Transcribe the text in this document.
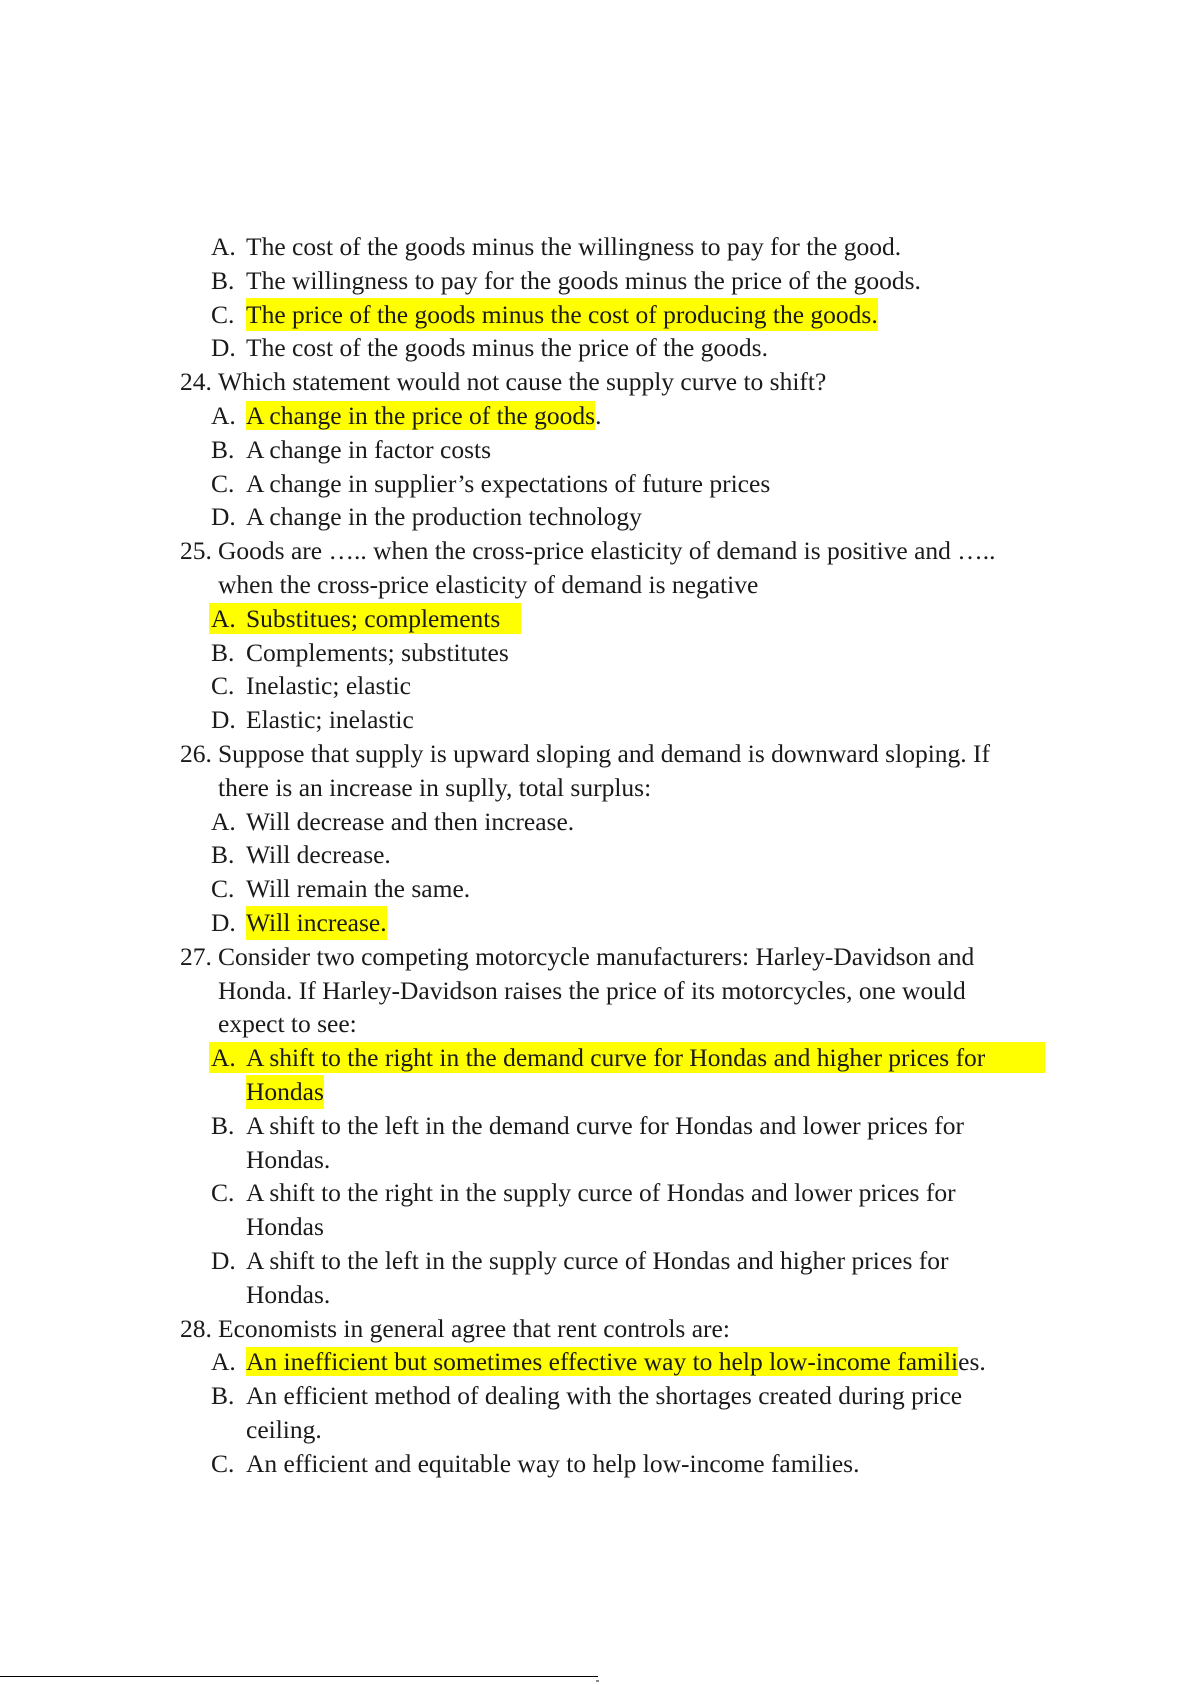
A. The cost of the goods minus the willingness to pay for the good.
B. The willingness to pay for the goods minus the price of the goods.
C. The price of the goods minus the cost of producing the goods.
D. The cost of the goods minus the price of the goods.
24. Which statement would not cause the supply curve to shift?
A. A change in the price of the goods.
B. A change in factor costs
C. A change in supplier’s expectations of future prices
D. A change in the production technology
25. Goods are ….. when the cross-price elasticity of demand is positive and …..
when the cross-price elasticity of demand is negative
A. Substitues; complements
B. Complements; substitutes
C. Inelastic; elastic
D. Elastic; inelastic
26. Suppose that supply is upward sloping and demand is downward sloping. If
there is an increase in suplly, total surplus:
A. Will decrease and then increase.
B. Will decrease.
C. Will remain the same.
D. Will increase.
27. Consider two competing motorcycle manufacturers: Harley-Davidson and
Honda. If Harley-Davidson raises the price of its motorcycles, one would
expect to see:
A. A shift to the right in the demand curve for Hondas and higher prices for
Hondas
B. A shift to the left in the demand curve for Hondas and lower prices for
Hondas.
C. A shift to the right in the supply curce of Hondas and lower prices for
Hondas
D. A shift to the left in the supply curce of Hondas and higher prices for
Hondas.
28. Economists in general agree that rent controls are:
A. An inefficient but sometimes effective way to help low-income families.
B. An efficient method of dealing with the shortages created during price
ceiling.
C. An efficient and equitable way to help low-income families.
